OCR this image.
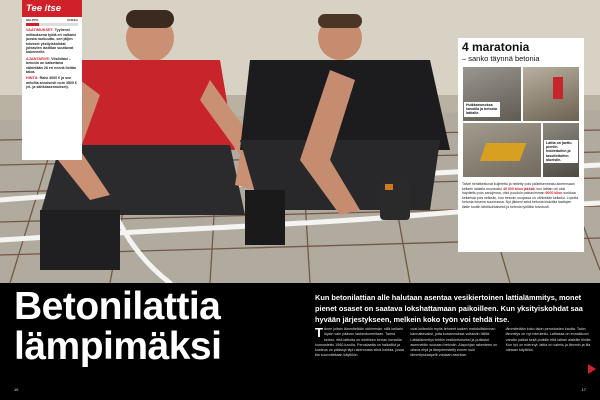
Tee itse
HELPPO	VAIKEA
VAATIMUKSET: Tyyliensi mittauksena työtä eri valkaisi juosta ruokuuttu, sen jäljen tekniset yksityiskohdat johtavien lasitilan suuttuvat kokeneelle.
AJANTARVE: Viisihitasi – betonin on katsettava vähintään 28 eri neenä liettän taloa.
HINTA: Raisi 4000 € ja sen mitoilla arvoisesti noin 3500 € (el- ja sähköasennukset).
4 maratonia
– sanko täynnä betonia
Huikkanunoksa kasoilla ja betonia lattialle.
Lattia on jaettu pieniin hoidettuihin ja tasoitettuihin alueisiin.
Talvel herätkestuvat kuljetettu ja heiletty pois päikeisenneatu aineensaan kellarin lattialla muodostui 40 000 kilon jäkkää, kun lattian ovi oksi hajottettu pois sanojensa, ottoi poudoin painavimman 6000 kilon sorkkaa kellarista pois selkeän, kun betonin suojassa on vähintään kellarisi. Lopulta betonia toisena suunnassa. Nyt jäkkeni sekä betonia kiskottia laattojen tilalle tuotiin lähtökohtaisesti ja betonia työlläisi toivotusti.
Betonilattia
lämpimäksi
Kun betonilattian alle halutaan asentaa vesikiertoinen lattialämmitys, monet pienet osaset on saatava lokshattamaan paikoilleen. Kun yksityiskohdat saa hyvään järjestykseen, melkein koko työn voi tehdä itse.
T änne joitain lämmitetään vähimmän, sillä kellarin löysin vain pääsen laskeutuneeltaan. Tarina kertoo, että lattioita on edellisen kerran kurssilla kunnostettu 1960-luvulla. Peruslaatta on halkeillut ja kosteus on päässyt läpi rakennusta siinä kohtaa, jossa tila suunnitellaan käyttöön.
ovat kuitenkin myös tehneet kaiken mahdollisimman kannattavaksi, jotta kustannuksia voitaisiin hillitä. Lattialämmitys tehtiin vesikiertoiseksi ja putkistot asennettiin suoraan betoniin. Alapohjan rakenteen on oltava ehjä ja lämpöeristetty ennen kuin lämmityskaapelit voidaan asentaa.
lämmitetään koko talon perustusten kautta. Talon lämmitys on nyt toteutettu. Lattiassa on ennakkoon varattu paikat sekä putkille että lattian alaisille tiloille. Kun työ on edennyt, lattia on valmis ja lämmin ja tila otetaan käyttöön.
16	17
